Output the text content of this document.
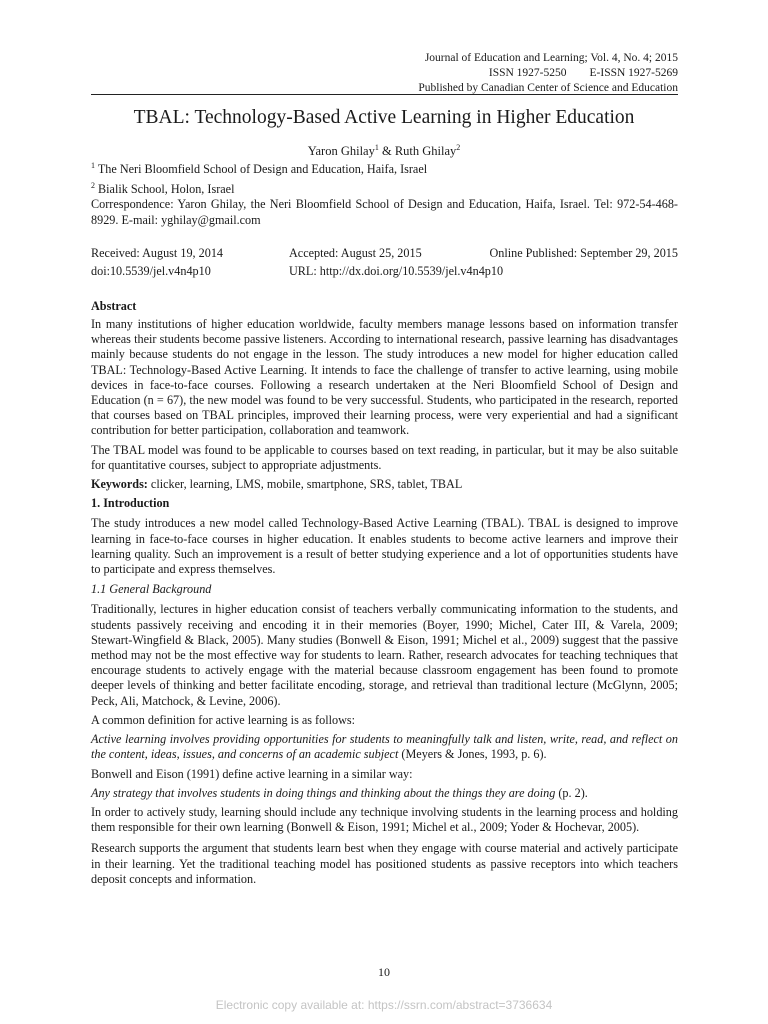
Journal of Education and Learning; Vol. 4, No. 4; 2015
ISSN 1927-5250        E-ISSN 1927-5269
Published by Canadian Center of Science and Education
TBAL: Technology-Based Active Learning in Higher Education
Yaron Ghilay$^1$ & Ruth Ghilay$^2$

$^1$ The Neri Bloomfield School of Design and Education, Haifa, Israel

$^2$ Bialik School, Holon, Israel

Correspondence: Yaron Ghilay, the Neri Bloomfield School of Design and Education, Haifa, Israel. Tel: 972-54-468-8929. E-mail: yghilay@gmail.com

Received: August 19, 2014	Accepted: August 25, 2015	Online Published: September 29, 2015
doi:10.5539/jel.v4n4p10	URL: http://dx.doi.org/10.5539/jel.v4n4p10

Abstract

In many institutions of higher education worldwide, faculty members manage lessons based on information transfer whereas their students become passive listeners. According to international research, passive learning has disadvantages mainly because students do not engage in the lesson. The study introduces a new model for higher education called TBAL: Technology-Based Active Learning. It intends to face the challenge of transfer to active learning, using mobile devices in face-to-face courses. Following a research undertaken at the Neri Bloomfield School of Design and Education (n = 67), the new model was found to be very successful. Students, who participated in the research, reported that courses based on TBAL principles, improved their learning process, were very experiential and had a significant contribution for better participation, collaboration and teamwork.

The TBAL model was found to be applicable to courses based on text reading, in particular, but it may be also suitable for quantitative courses, subject to appropriate adjustments.

Keywords: clicker, learning, LMS, mobile, smartphone, SRS, tablet, TBAL

1. Introduction

The study introduces a new model called Technology-Based Active Learning (TBAL). TBAL is designed to improve learning in face-to-face courses in higher education. It enables students to become active learners and improve their learning quality. Such an improvement is a result of better studying experience and a lot of opportunities students have to participate and express themselves.

1.1 General Background

Traditionally, lectures in higher education consist of teachers verbally communicating information to the students, and students passively receiving and encoding it in their memories (Boyer, 1990; Michel, Cater III, & Varela, 2009; Stewart-Wingfield & Black, 2005). Many studies (Bonwell & Eison, 1991; Michel et al., 2009) suggest that the passive method may not be the most effective way for students to learn. Rather, research advocates for teaching techniques that encourage students to actively engage with the material because classroom engagement has been found to promote deeper levels of thinking and better facilitate encoding, storage, and retrieval than traditional lecture (McGlynn, 2005; Peck, Ali, Matchock, & Levine, 2006).

A common definition for active learning is as follows:

Active learning involves providing opportunities for students to meaningfully talk and listen, write, read, and reflect on the content, ideas, issues, and concerns of an academic subject (Meyers & Jones, 1993, p. 6).

Bonwell and Eison (1991) define active learning in a similar way:

Any strategy that involves students in doing things and thinking about the things they are doing (p. 2).

In order to actively study, learning should include any technique involving students in the learning process and holding them responsible for their own learning (Bonwell & Eison, 1991; Michel et al., 2009; Yoder & Hochevar, 2005).

Research supports the argument that students learn best when they engage with course material and actively participate in their learning. Yet the traditional teaching model has positioned students as passive receptors into which teachers deposit concepts and information.

10
Electronic copy available at: https://ssrn.com/abstract=3736634
